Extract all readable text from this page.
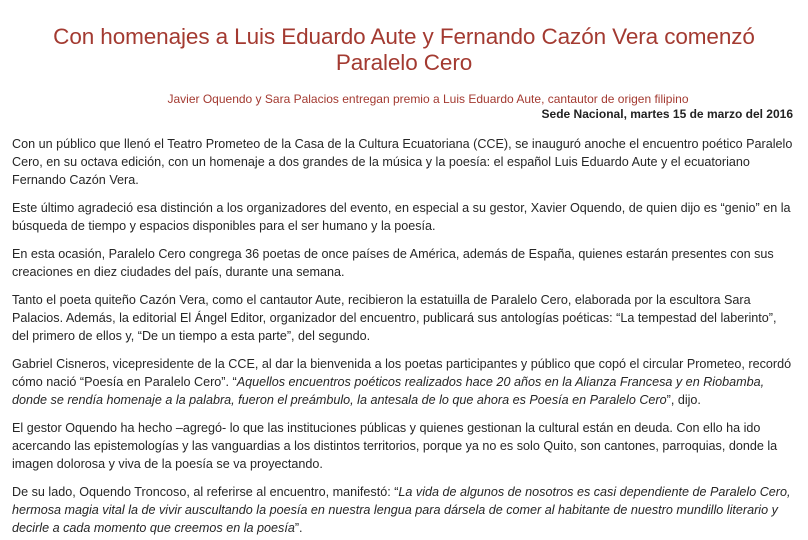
Con homenajes a Luis Eduardo Aute y Fernando Cazón Vera comenzó Paralelo Cero
Javier Oquendo y Sara Palacios entregan premio a Luis Eduardo Aute, cantautor de origen filipino
Sede Nacional, martes 15 de marzo del 2016

Con un público que llenó el Teatro Prometeo de la Casa de la Cultura Ecuatoriana (CCE), se inauguró anoche el encuentro poético Paralelo Cero, en su octava edición, con un homenaje a dos grandes de la música y la poesía: el español Luis Eduardo Aute y el ecuatoriano Fernando Cazón Vera.

Este último agradeció esa distinción a los organizadores del evento, en especial a su gestor, Xavier Oquendo, de quien dijo es “genio” en la búsqueda de tiempo y espacios disponibles para el ser humano y la poesía.

En esta ocasión, Paralelo Cero congrega 36 poetas de once países de América, además de España, quienes estarán presentes con sus creaciones en diez ciudades del país, durante una semana.

Tanto el poeta quiteño Cazón Vera, como el cantautor Aute, recibieron la estatuilla de Paralelo Cero, elaborada por la escultora Sara Palacios. Además, la editorial El Ángel Editor, organizador del encuentro, publicará sus antologías poéticas: “La tempestad del laberinto”, del primero de ellos y, “De un tiempo a esta parte”, del segundo.

Gabriel Cisneros, vicepresidente de la CCE, al dar la bienvenida a los poetas participantes y público que copó el circular Prometeo, recordó cómo nació “Poesía en Paralelo Cero”. “Aquellos encuentros poéticos realizados hace 20 años en la Alianza Francesa y en Riobamba, donde se rendía homenaje a la palabra, fueron el preámbulo, la antesala de lo que ahora es Poesía en Paralelo Cero”, dijo.

El gestor Oquendo ha hecho –agregó- lo que las instituciones públicas y quienes gestionan la cultural están en deuda. Con ello ha ido acercando las epistemologías y las vanguardias a los distintos territorios, porque ya no es solo Quito, son cantones, parroquias, donde la imagen dolorosa y viva de la poesía se va proyectando.

De su lado, Oquendo Troncoso, al referirse al encuentro, manifestó: “La vida de algunos de nosotros es casi dependiente de Paralelo Cero, hermosa magia vital la de vivir auscultando la poesía en nuestra lengua para dársela de comer al habitante de nuestro mundillo literario y decirle a cada momento que creemos en la poesía”.
